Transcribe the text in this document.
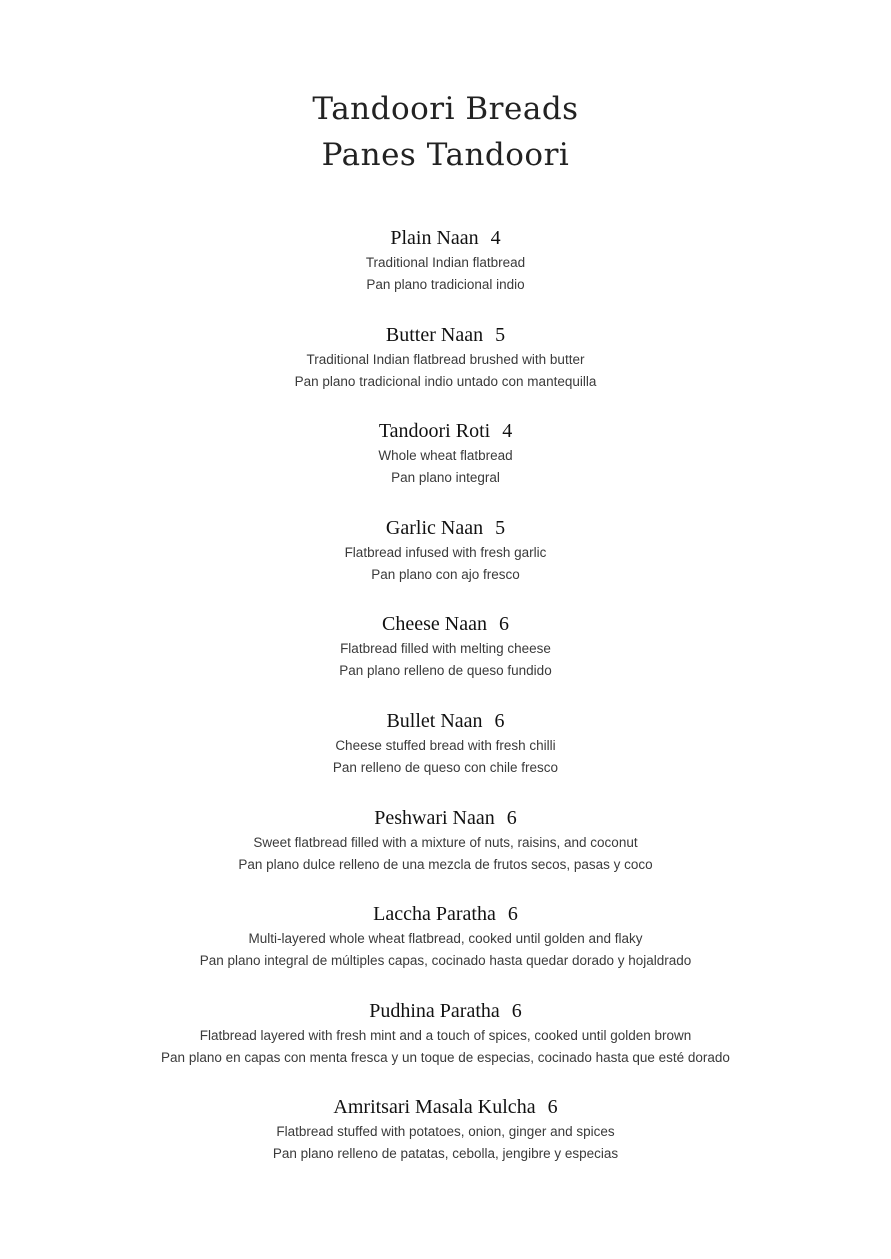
Tandoori Breads
Panes Tandoori
Plain Naan 4
Traditional Indian flatbread
Pan plano tradicional indio
Butter Naan 5
Traditional Indian flatbread brushed with butter
Pan plano tradicional indio untado con mantequilla
Tandoori Roti 4
Whole wheat flatbread
Pan plano integral
Garlic Naan 5
Flatbread infused with fresh garlic
Pan plano con ajo fresco
Cheese Naan 6
Flatbread filled with melting cheese
Pan plano relleno de queso fundido
Bullet Naan 6
Cheese stuffed bread with fresh chilli
Pan relleno de queso con chile fresco
Peshwari Naan 6
Sweet flatbread filled with a mixture of nuts, raisins, and coconut
Pan plano dulce relleno de una mezcla de frutos secos, pasas y coco
Laccha Paratha 6
Multi-layered whole wheat flatbread, cooked until golden and flaky
Pan plano integral de múltiples capas, cocinado hasta quedar dorado y hojaldrado
Pudhina Paratha 6
Flatbread layered with fresh mint and a touch of spices, cooked until golden brown
Pan plano en capas con menta fresca y un toque de especias, cocinado hasta que esté dorado
Amritsari Masala Kulcha 6
Flatbread stuffed with potatoes, onion, ginger and spices
Pan plano relleno de patatas, cebolla, jengibre y especias
